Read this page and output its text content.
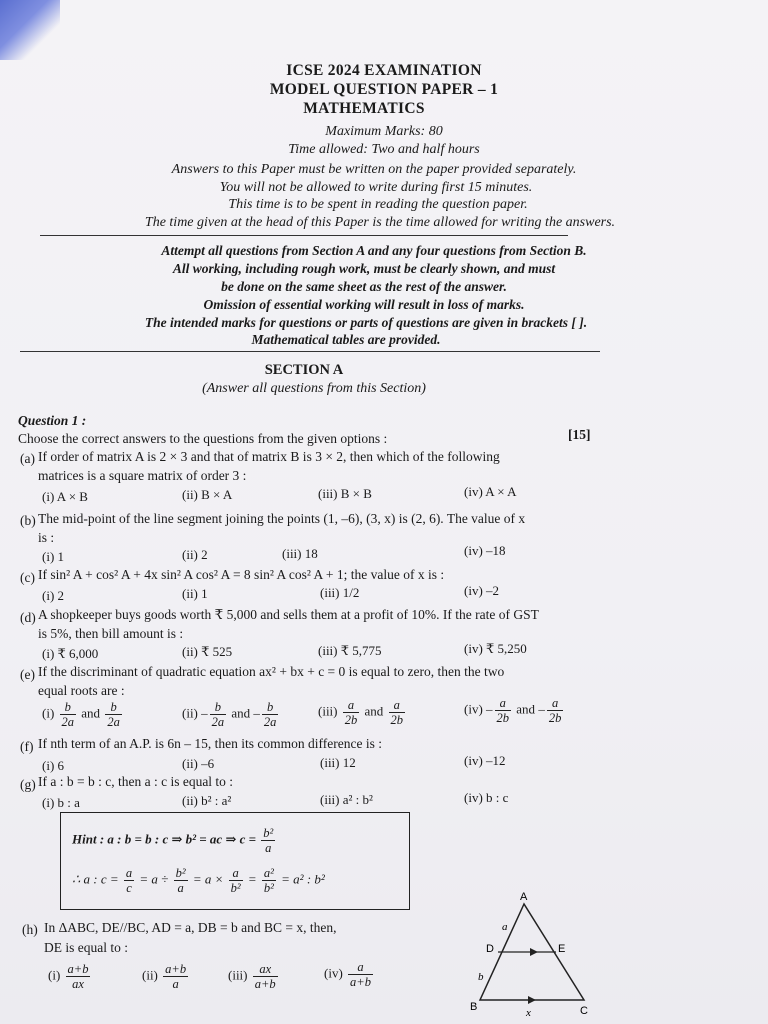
ICSE 2024 EXAMINATION
MODEL QUESTION PAPER – 1
MATHEMATICS
Maximum Marks: 80
Time allowed: Two and half hours
Answers to this Paper must be written on the paper provided separately.
You will not be allowed to write during first 15 minutes.
This time is to be spent in reading the question paper.
The time given at the head of this Paper is the time allowed for writing the answers.
Attempt all questions from Section A and any four questions from Section B.
All working, including rough work, must be clearly shown, and must
be done on the same sheet as the rest of the answer.
Omission of essential working will result in loss of marks.
The intended marks for questions or parts of questions are given in brackets [ ].
Mathematical tables are provided.
SECTION A
(Answer all questions from this Section)
Question 1 :
Choose the correct answers to the questions from the given options :	[15]
(a) If order of matrix A is 2 × 3 and that of matrix B is 3 × 2, then which of the following
matrices is a square matrix of order 3 :
(i) A × B	(ii) B × A	(iii) B × B	(iv) A × A
(b) The mid-point of the line segment joining the points (1, –6), (3, x) is (2, 6). The value of x
is :
(i) 1	(ii) 2	(iii) 18	(iv) –18
(c) If sin² A + cos² A + 4x sin² A cos² A = 8 sin² A cos² A + 1; the value of x is :
(i) 2	(ii) 1	(iii) 1/2	(iv) –2
(d) A shopkeeper buys goods worth ₹ 5,000 and sells them at a profit of 10%. If the rate of GST
is 5%, then bill amount is :
(i) ₹ 6,000	(ii) ₹ 525	(iii) ₹ 5,775	(iv) ₹ 5,250
(e) If the discriminant of quadratic equation ax² + bx + c = 0 is equal to zero, then the two
equal roots are :
$(i) \frac{b}{2a}$ and $\frac{b}{2a}$	$(ii) - \frac{b}{2a}$ and – $\frac{b}{2a}$	$(iii) \frac{a}{2b}$ and $\frac{a}{2b}$	$(iv) - \frac{a}{2b}$ and – $\frac{a}{2b}$
(f) If nth term of an A.P. is 6n – 15, then its common difference is :
(i) 6	(ii) –6	(iii) 12	(iv) –12
(g) If a : b = b : c, then a : c is equal to :
(i) b : a	(ii) b² : a²	(iii) a² : b²	(iv) b : c
Hint : a : b = b : c ⇒ b² = ac ⇒ $c = \frac{\text{b²}}{a}$
∴ a : $c = \frac{a}{c} = a \div \frac{\text{b²}}{a} = a \times \frac{a}{\text{b²}} = \frac{\text{a²}}{\text{b²}} = a^2$ : b²
(h) In ΔABC, DE//BC, AD = a, DB = b and BC = x, then,
DE is equal to :
$(i) \frac{a+b}{ax}$	$(ii) \frac{a+b}{a}$	$(iii) \frac{ax}{a+b}$	$(iv) \frac{a}{a+b}$
A
B	C
D	E
a
b
x
